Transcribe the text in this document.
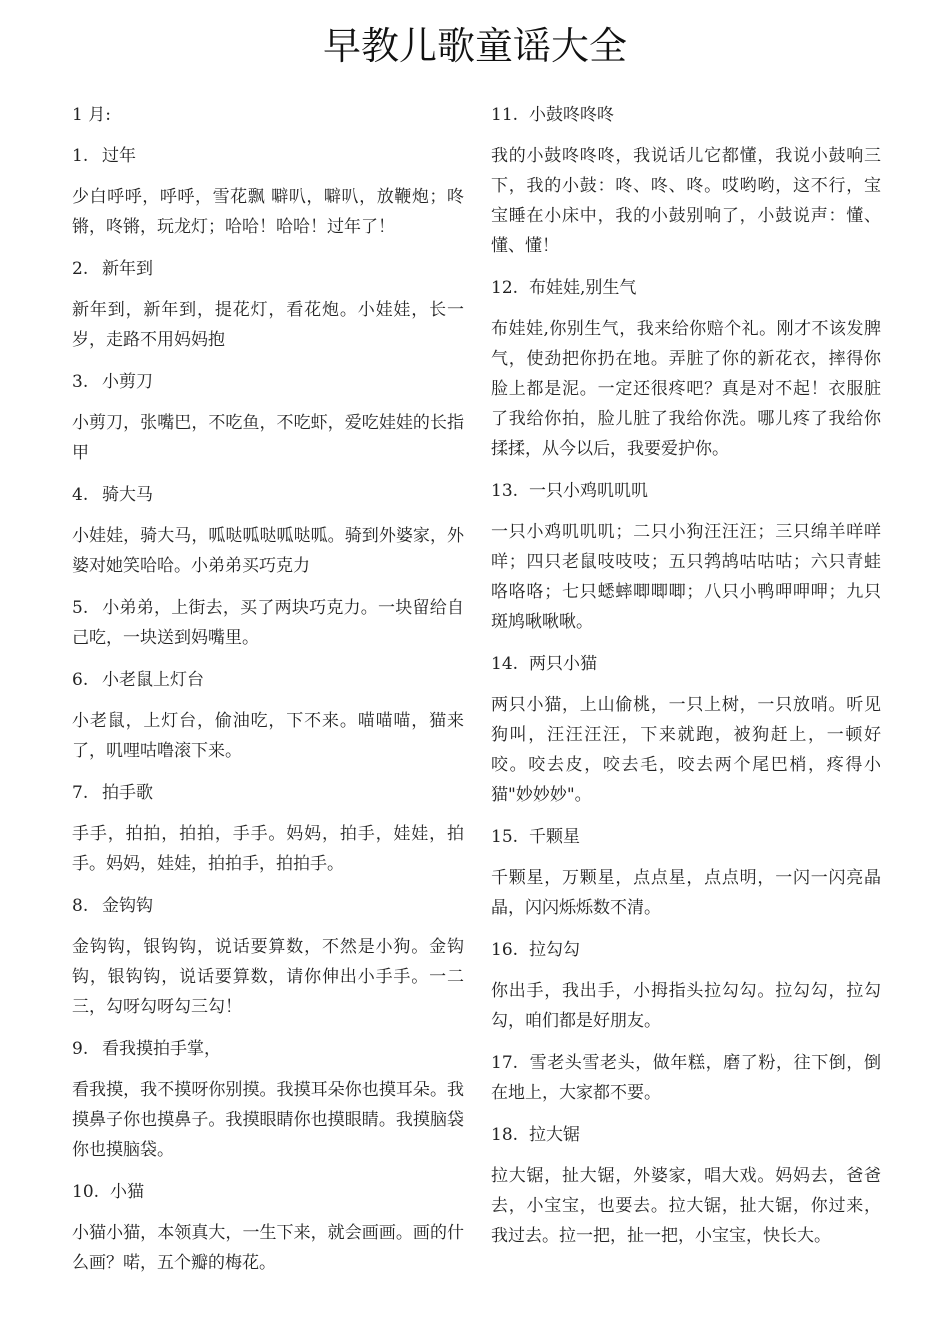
早教儿歌童谣大全
1 月:
1. 过年
少白呼呼，呼呼，雪花飘 噼叭，噼叭，放鞭炮；咚锵，咚锵，玩龙灯；哈哈！哈哈！过年了！
2. 新年到
新年到，新年到，提花灯，看花炮。小娃娃，长一岁，走路不用妈妈抱
3. 小剪刀
小剪刀，张嘴巴，不吃鱼，不吃虾，爱吃娃娃的长指甲
4. 骑大马
小娃娃，骑大马，呱哒呱哒呱哒呱。骑到外婆家，外婆对她笑哈哈。小弟弟买巧克力
5. 小弟弟，上街去，买了两块巧克力。一块留给自己吃，一块送到妈嘴里。
6. 小老鼠上灯台
小老鼠，上灯台，偷油吃，下不来。喵喵喵，猫来了，叽哩咕噜滚下来。
7. 拍手歌
手手，拍拍，拍拍，手手。妈妈，拍手，娃娃，拍手。妈妈，娃娃，拍拍手，拍拍手。
8. 金钩钩
金钩钩，银钩钩，说话要算数，不然是小狗。金钩钩，银钩钩，说话要算数，请你伸出小手手。一二三，勾呀勾呀勾三勾！
9. 看我摸拍手掌，
看我摸，我不摸呀你别摸。我摸耳朵你也摸耳朵。我摸鼻子你也摸鼻子。我摸眼睛你也摸眼睛。我摸脑袋你也摸脑袋。
10. 小猫
小猫小猫，本领真大，一生下来，就会画画。画的什么画？喏，五个瓣的梅花。
11. 小鼓咚咚咚
我的小鼓咚咚咚，我说话儿它都懂，我说小鼓响三下，我的小鼓：咚、咚、咚。哎哟哟，这不行，宝宝睡在小床中，我的小鼓别响了，小鼓说声：懂、懂、懂！
12. 布娃娃,别生气
布娃娃,你别生气，我来给你赔个礼。刚才不该发脾气，使劲把你扔在地。弄脏了你的新花衣，摔得你脸上都是泥。一定还很疼吧？真是对不起！衣服脏了我给你拍，脸儿脏了我给你洗。哪儿疼了我给你揉揉，从今以后，我要爱护你。
13. 一只小鸡叽叽叽
一只小鸡叽叽叽；二只小狗汪汪汪；三只绵羊咩咩咩；四只老鼠吱吱吱；五只鹁鸪咕咕咕；六只青蛙咯咯咯；七只蟋蟀唧唧唧；八只小鸭呷呷呷；九只斑鸠啾啾啾。
14. 两只小猫
两只小猫，上山偷桃，一只上树，一只放哨。听见狗叫，汪汪汪汪，下来就跑，被狗赶上，一顿好咬。咬去皮，咬去毛，咬去两个尾巴梢，疼得小猫"妙妙妙"。
15. 千颗星
千颗星，万颗星，点点星，点点明，一闪一闪亮晶晶，闪闪烁烁数不清。
16. 拉勾勾
你出手，我出手，小拇指头拉勾勾。拉勾勾，拉勾勾，咱们都是好朋友。
17. 雪老头雪老头，做年糕，磨了粉，往下倒，倒在地上，大家都不要。
18. 拉大锯
拉大锯，扯大锯，外婆家，唱大戏。妈妈去，爸爸去，小宝宝，也要去。拉大锯，扯大锯，你过来，我过去。拉一把，扯一把，小宝宝，快长大。
